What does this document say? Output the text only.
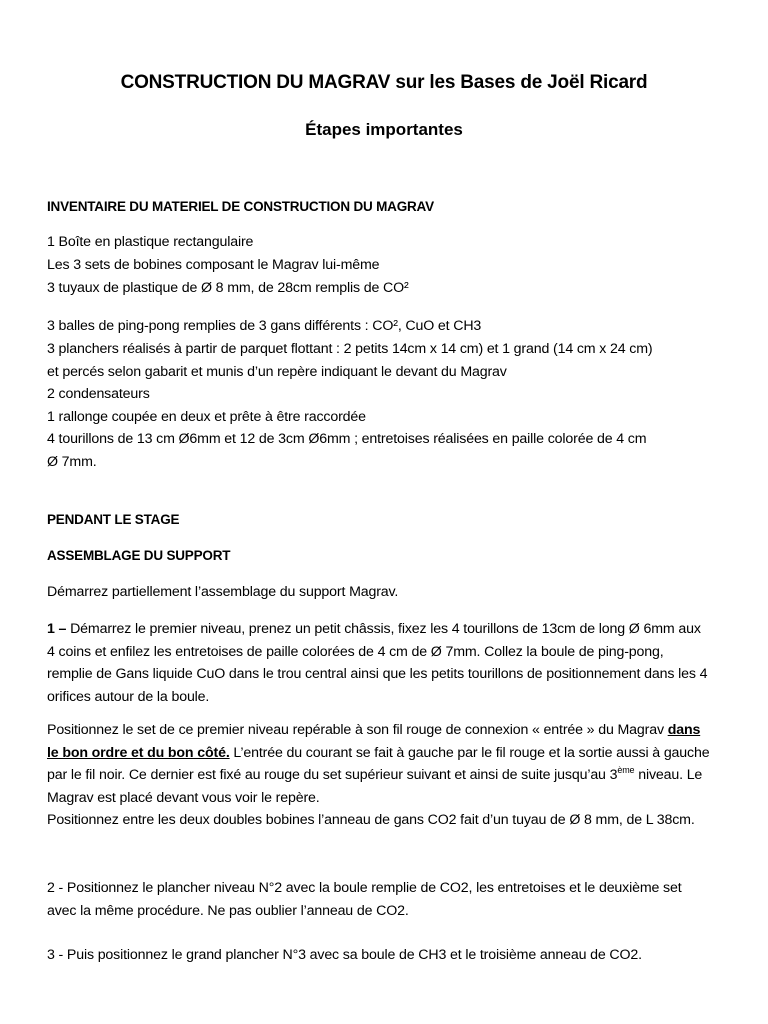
CONSTRUCTION DU MAGRAV sur les Bases de Joël Ricard
Étapes importantes
INVENTAIRE DU MATERIEL DE CONSTRUCTION DU MAGRAV
1 Boîte en plastique rectangulaire
Les 3 sets de bobines composant le Magrav lui-même
3 tuyaux de plastique de Ø 8 mm, de 28cm remplis de CO²
3 balles de ping-pong remplies de 3 gans différents : CO², CuO et CH3
3 planchers réalisés à partir de parquet flottant : 2 petits 14cm x 14 cm) et 1 grand (14 cm x 24 cm)
et percés selon gabarit et munis d’un repère indiquant le devant du Magrav
2 condensateurs
1 rallonge coupée en deux et prête à être raccordée
4 tourillons de 13 cm Ø6mm et 12 de 3cm Ø6mm ; entretoises réalisées en paille colorée de 4 cm
Ø 7mm.
PENDANT LE STAGE
ASSEMBLAGE DU SUPPORT
Démarrez partiellement l’assemblage du support Magrav.
1 – Démarrez le premier niveau, prenez un petit châssis, fixez les 4 tourillons de 13cm de long Ø 6mm aux 4 coins et enfilez les entretoises de paille colorées de 4 cm de Ø 7mm. Collez la boule de ping-pong, remplie de Gans liquide CuO dans le trou central ainsi que les petits tourillons de positionnement dans les 4 orifices autour de la boule.
Positionnez le set de ce premier niveau repérable à son fil rouge de connexion « entrée » du Magrav dans le bon ordre et du bon côté. L’entrée du courant se fait à gauche par le fil rouge et la sortie aussi à gauche par le fil noir. Ce dernier est fixé au rouge du set supérieur suivant et ainsi de suite jusqu’au 3ème niveau. Le Magrav est placé devant vous voir le repère.
Positionnez entre les deux doubles bobines l’anneau de gans CO2 fait d’un tuyau de Ø 8 mm, de L 38cm.
2 - Positionnez le plancher niveau N°2 avec la boule remplie de CO2, les entretoises et le deuxième set avec la même procédure. Ne pas oublier l’anneau de CO2.
3 - Puis positionnez le grand plancher N°3 avec sa boule de CH3 et le troisième anneau de CO2.
